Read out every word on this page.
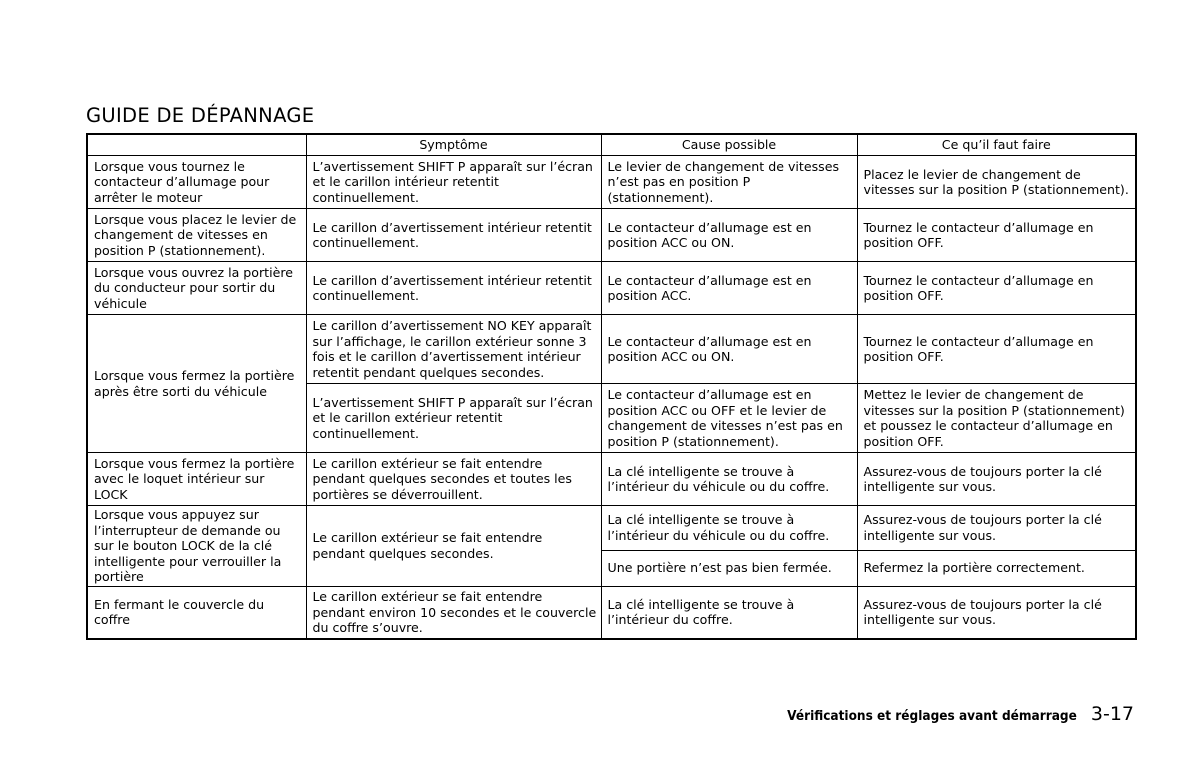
GUIDE DE DÉPANNAGE
	Symptôme	Cause possible	Ce qu’il faut faire
Lorsque vous tournez le contacteur d’allumage pour arrêter le moteur	L’avertissement SHIFT P apparaît sur l’écran et le carillon intérieur retentit continuellement.	Le levier de changement de vitesses n’est pas en position P (stationnement).	Placez le levier de changement de vitesses sur la position P (stationnement).
Lorsque vous placez le levier de changement de vitesses en position P (stationnement).	Le carillon d’avertissement intérieur retentit continuellement.	Le contacteur d’allumage est en position ACC ou ON.	Tournez le contacteur d’allumage en position OFF.
Lorsque vous ouvrez la portière du conducteur pour sortir du véhicule	Le carillon d’avertissement intérieur retentit continuellement.	Le contacteur d’allumage est en position ACC.	Tournez le contacteur d’allumage en position OFF.
Lorsque vous fermez la portière après être sorti du véhicule	Le carillon d’avertissement NO KEY apparaît sur l’affichage, le carillon extérieur sonne 3 fois et le carillon d’avertissement intérieur retentit pendant quelques secondes.	Le contacteur d’allumage est en position ACC ou ON.	Tournez le contacteur d’allumage en position OFF.
	L’avertissement SHIFT P apparaît sur l’écran et le carillon extérieur retentit continuellement.	Le contacteur d’allumage est en position ACC ou OFF et le levier de changement de vitesses n’est pas en position P (stationnement).	Mettez le levier de changement de vitesses sur la position P (stationnement) et poussez le contacteur d’allumage en position OFF.
Lorsque vous fermez la portière avec le loquet intérieur sur LOCK	Le carillon extérieur se fait entendre pendant quelques secondes et toutes les portières se déverrouillent.	La clé intelligente se trouve à l’intérieur du véhicule ou du coffre.	Assurez-vous de toujours porter la clé intelligente sur vous.
Lorsque vous appuyez sur l’interrupteur de demande ou sur le bouton LOCK de la clé intelligente pour verrouiller la portière	Le carillon extérieur se fait entendre pendant quelques secondes.	La clé intelligente se trouve à l’intérieur du véhicule ou du coffre.	Assurez-vous de toujours porter la clé intelligente sur vous.
		Une portière n’est pas bien fermée.	Refermez la portière correctement.
En fermant le couvercle du coffre	Le carillon extérieur se fait entendre pendant environ 10 secondes et le couvercle du coffre s’ouvre.	La clé intelligente se trouve à l’intérieur du coffre.	Assurez-vous de toujours porter la clé intelligente sur vous.
Vérifications et réglages avant démarrage 3-17
